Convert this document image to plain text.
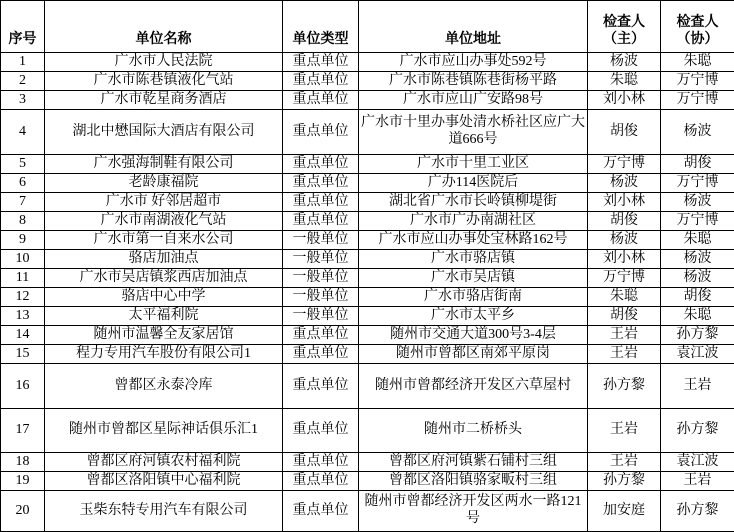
序号	单位名称	单位类型	单位地址	检查人（主）	检查人（协）
1	广水市人民法院	重点单位	广水市应山办事处592号	杨波	朱聪
2	广水市陈巷镇液化气站	重点单位	广水市陈巷镇陈巷街杨平路	朱聪	万宁博
3	广水市乾星商务酒店	重点单位	广水市应山广安路98号	刘小林	万宁博
4	湖北中懋国际大酒店有限公司	重点单位	广水市十里办事处清水桥社区应广大道666号	胡俊	杨波
5	广水强海制鞋有限公司	重点单位	广水市十里工业区	万宁博	胡俊
6	老龄康福院	重点单位	广办114医院后	杨波	万宁博
7	广水市 好邻居超市	重点单位	湖北省广水市长岭镇柳堤街	刘小林	杨波
8	广水市南湖液化气站	重点单位	广水市广办南湖社区	胡俊	万宁博
9	广水市第一自来水公司	一般单位	广水市应山办事处宝林路162号	杨波	朱聪
10	骆店加油点	一般单位	广水市骆店镇	刘小林	杨波
11	广水市吴店镇浆西店加油点	一般单位	广水市吴店镇	万宁博	杨波
12	骆店中心中学	一般单位	广水市骆店街南	朱聪	胡俊
13	太平福利院	一般单位	广水市太平乡	胡俊	朱聪
14	随州市温馨全友家居馆	重点单位	随州市交通大道300号3-4层	王岩	孙方黎
15	程力专用汽车股份有限公司1	重点单位	随州市曾都区南郊平原岗	王岩	袁江波
16	曾都区永泰冷库	重点单位	随州市曾都经济开发区六草屋村	孙方黎	王岩
17	随州市曾都区星际神话俱乐汇1	重点单位	随州市二桥桥头	王岩	孙方黎
18	曾都区府河镇农村福利院	重点单位	曾都区府河镇紫石铺村三组	王岩	袁江波
19	曾都区洛阳镇中心福利院	重点单位	曾都区洛阳镇骆家畈村三组	孙方黎	王岩
20	玉柴东特专用汽车有限公司	重点单位	随州市曾都经济开发区两水一路121号	加安庭	孙方黎
